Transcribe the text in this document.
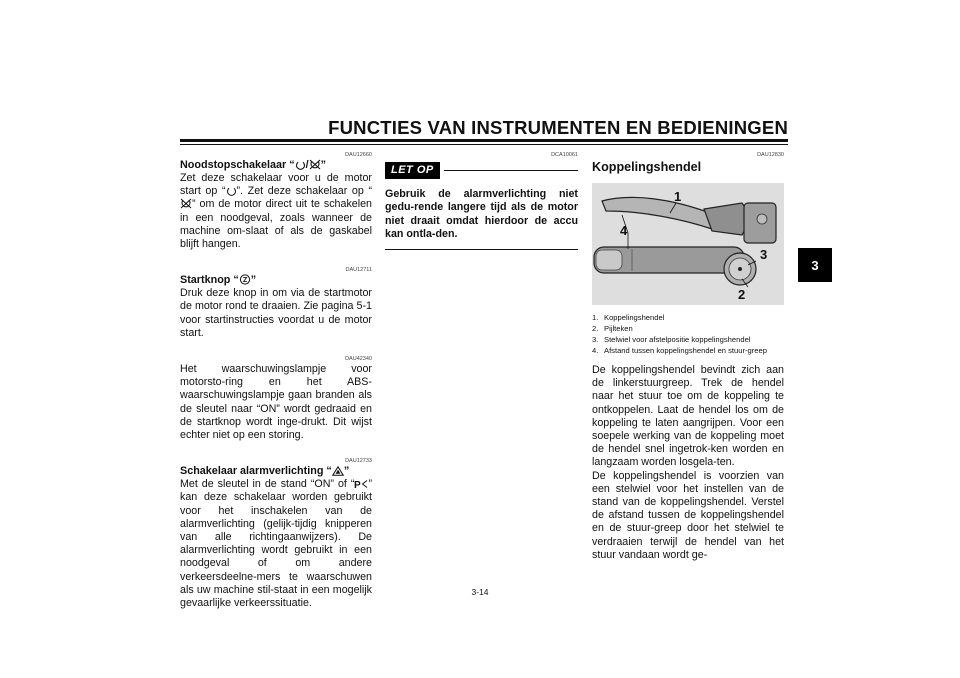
FUNCTIES VAN INSTRUMENTEN EN BEDIENINGEN
3
DAU12660
Noodstopschakelaar “ / ”
Zet deze schakelaar voor u de motor start op “ ”. Zet deze schakelaar op “
” om de motor direct uit te schakelen in een noodgeval, zoals wanneer de machine om-slaat of als de gaskabel blijft hangen.
DAU12711
Startknop “ ”
Druk deze knop in om via de startmotor de motor rond te draaien. Zie pagina 5-1 voor startinstructies voordat u de motor start.
DAU42340
Het waarschuwingslampje voor motorsto-ring en het ABS-waarschuwingslampje gaan branden als de sleutel naar “ON” wordt gedraaid en de startknop wordt inge-drukt. Dit wijst echter niet op een storing.
DAU12733
Schakelaar alarmverlichting “ ”
Met de sleutel in de stand “ON” of “ P ” kan deze schakelaar worden gebruikt voor het inschakelen van de alarmverlichting (gelijk-tijdig knipperen van alle richtingaanwijzers). De alarmverlichting wordt gebruikt in een noodgeval of om andere verkeersdeelne-mers te waarschuwen als uw machine stil-staat in een mogelijk gevaarlijke verkeerssituatie.
DCA10061
LET OP
Gebruik de alarmverlichting niet gedu-rende langere tijd als de motor niet draait omdat hierdoor de accu kan ontla-den.
DAU12830
Koppelingshendel
1
4
3
2
1. Koppelingshendel
2. Pijlteken
3. Stelwiel voor afstelpositie koppelingshendel
4. Afstand tussen koppelingshendel en stuur-greep
De koppelingshendel bevindt zich aan de linkerstuurgreep. Trek de hendel naar het stuur toe om de koppeling te ontkoppelen. Laat de hendel los om de koppeling te laten aangrijpen. Voor een soepele werking van de koppeling moet de hendel snel ingetrok-ken worden en langzaam worden losgela-ten.
De koppelingshendel is voorzien van een stelwiel voor het instellen van de stand van de koppelingshendel. Verstel de afstand tussen de koppelingshendel en de stuur-greep door het stelwiel te verdraaien terwijl de hendel van het stuur vandaan wordt ge-
3-14
